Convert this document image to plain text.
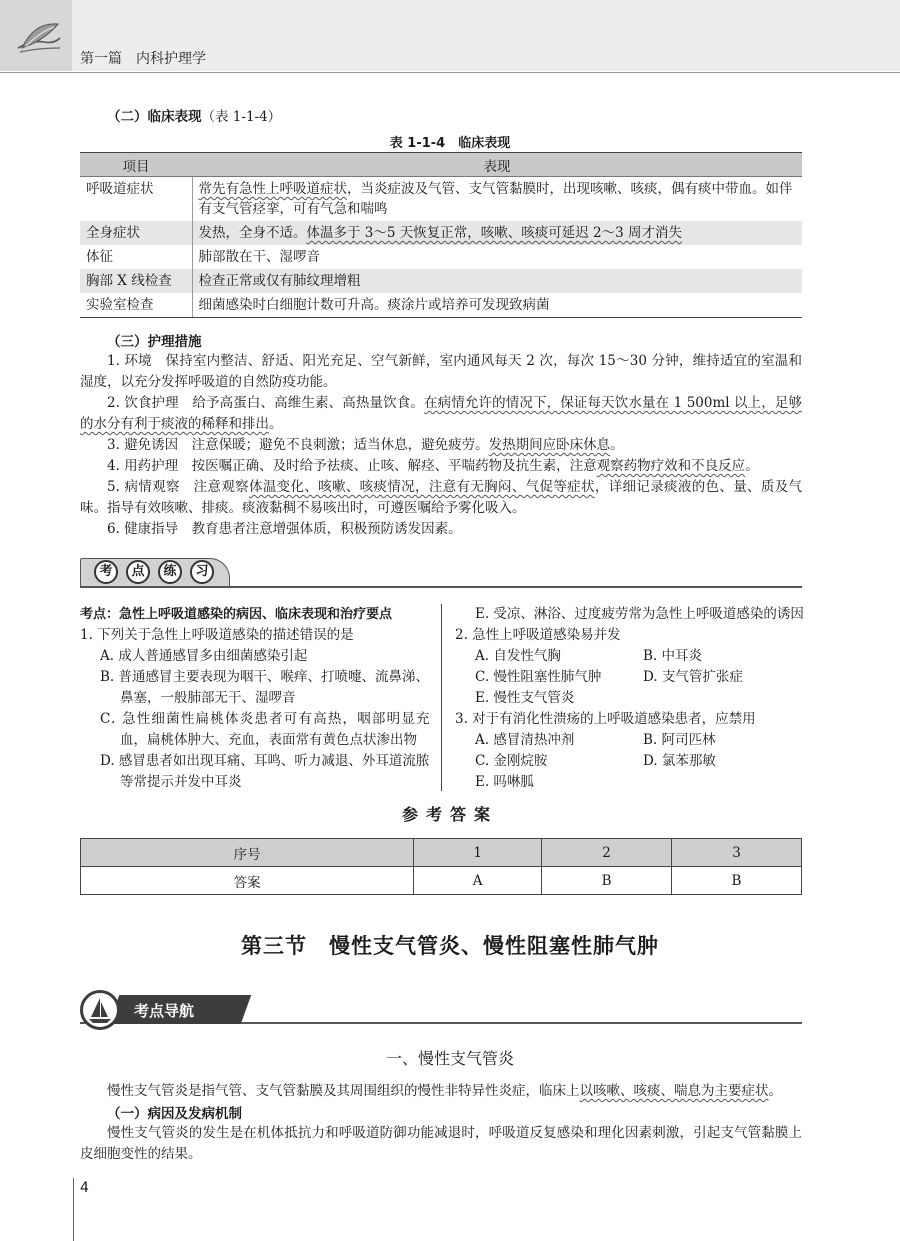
第一篇　内科护理学
（二）临床表现（表 1-1-4）
表 1-1-4　临床表现
项目	表现
呼吸道症状	常先有急性上呼吸道症状，当炎症波及气管、支气管黏膜时，出现咳嗽、咳痰，偶有痰中带血。如伴有支气管痉挛，可有气急和喘鸣
全身症状	发热，全身不适。体温多于 3～5 天恢复正常，咳嗽、咳痰可延迟 2～3 周才消失
体征	肺部散在干、湿啰音
胸部 X 线检查	检查正常或仅有肺纹理增粗
实验室检查	细菌感染时白细胞计数可升高。痰涂片或培养可发现致病菌
（三）护理措施
1. 环境　保持室内整洁、舒适、阳光充足、空气新鲜，室内通风每天 2 次，每次 15～30 分钟，维持适宜的室温和湿度，以充分发挥呼吸道的自然防疫功能。
2. 饮食护理　给予高蛋白、高维生素、高热量饮食。在病情允许的情况下，保证每天饮水量在 1 500ml 以上，足够的水分有利于痰液的稀释和排出。
3. 避免诱因　注意保暖；避免不良刺激；适当休息，避免疲劳。发热期间应卧床休息。
4. 用药护理　按医嘱正确、及时给予祛痰、止咳、解痉、平喘药物及抗生素，注意观察药物疗效和不良反应。
5. 病情观察　注意观察体温变化、咳嗽、咳痰情况，注意有无胸闷、气促等症状，详细记录痰液的色、量、质及气味。指导有效咳嗽、排痰。痰液黏稠不易咳出时，可遵医嘱给予雾化吸入。
6. 健康指导　教育患者注意增强体质，积极预防诱发因素。
考	点	练	习
考点：急性上呼吸道感染的病因、临床表现和治疗要点
1. 下列关于急性上呼吸道感染的描述错误的是
A. 成人普通感冒多由细菌感染引起
B. 普通感冒主要表现为咽干、喉痒、打喷嚏、流鼻涕、
鼻塞，一般肺部无干、湿啰音
C. 急性细菌性扁桃体炎患者可有高热，咽部明显充
血，扁桃体肿大、充血，表面常有黄色点状渗出物
D. 感冒患者如出现耳痛、耳鸣、听力减退、外耳道流脓
等常提示并发中耳炎
E. 受凉、淋浴、过度疲劳常为急性上呼吸道感染的诱因
2. 急性上呼吸道感染易并发
A. 自发性气胸	B. 中耳炎
C. 慢性阻塞性肺气肿	D. 支气管扩张症
E. 慢性支气管炎
3. 对于有消化性溃疡的上呼吸道感染患者，应禁用
A. 感冒清热冲剂	B. 阿司匹林
C. 金刚烷胺	D. 氯苯那敏
E. 吗啉胍
参考答案
序号	1	2	3
答案	A	B	B
第三节　慢性支气管炎、慢性阻塞性肺气肿
考点导航
一、慢性支气管炎
慢性支气管炎是指气管、支气管黏膜及其周围组织的慢性非特异性炎症，临床上以咳嗽、咳痰、喘息为主要症状。
（一）病因及发病机制
慢性支气管炎的发生是在机体抵抗力和呼吸道防御功能减退时，呼吸道反复感染和理化因素刺激，引起支气管黏膜上皮细胞变性的结果。
4
